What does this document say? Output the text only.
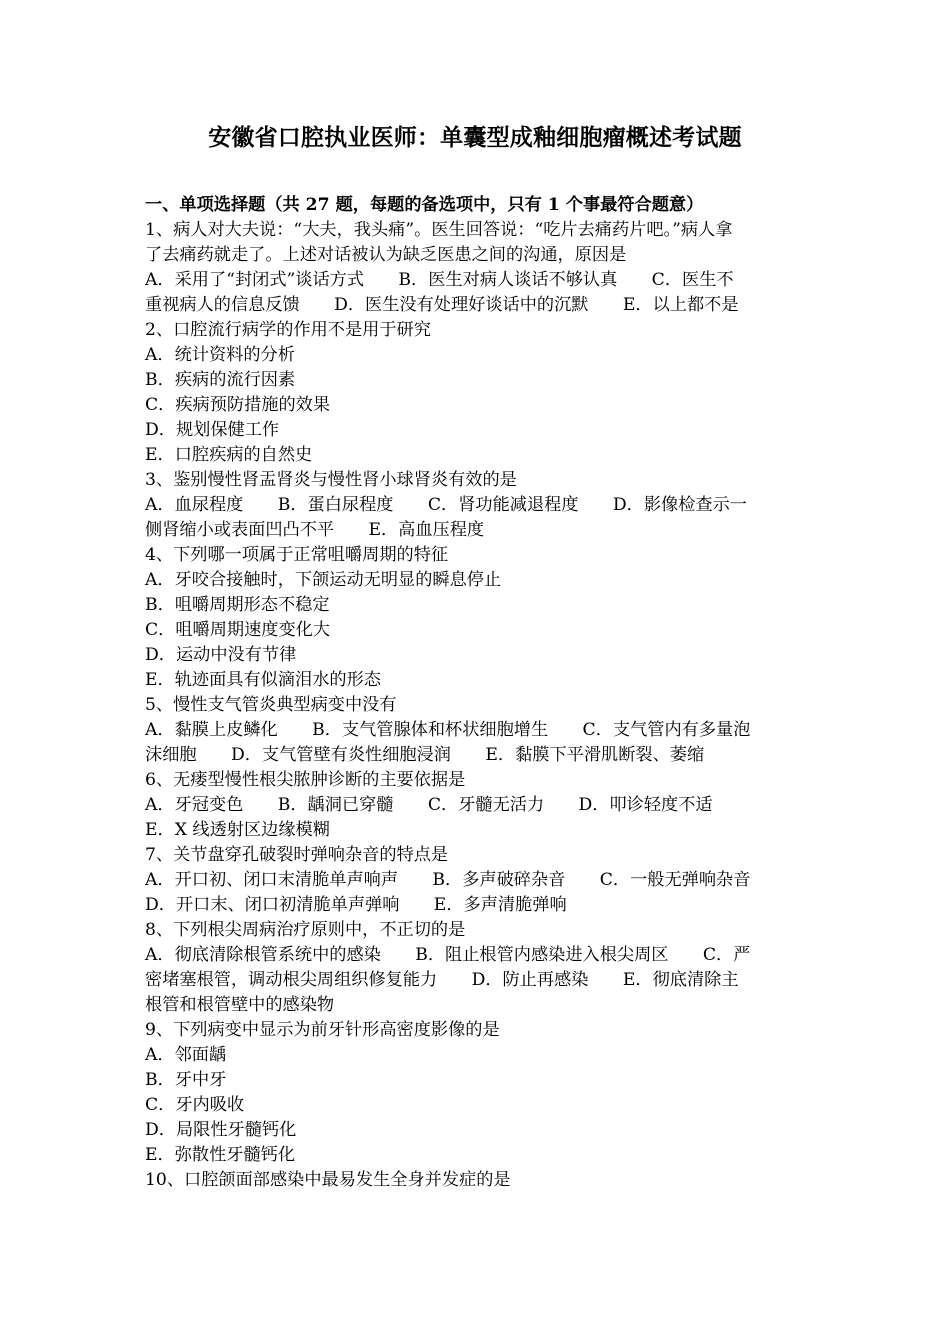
安徽省口腔执业医师：单囊型成釉细胞瘤概述考试题
一、单项选择题（共 27 题，每题的备选项中，只有 1 个事最符合题意）
1、病人对大夫说：“大夫，我头痛”。医生回答说：“吃片去痛药片吧。”病人拿
了去痛药就走了。上述对话被认为缺乏医患之间的沟通，原因是
A．采用了“封闭式”谈话方式　　B．医生对病人谈话不够认真　　C．医生不
重视病人的信息反馈　　D．医生没有处理好谈话中的沉默　　E．以上都不是
2、口腔流行病学的作用不是用于研究
A．统计资料的分析
B．疾病的流行因素
C．疾病预防措施的效果
D．规划保健工作
E．口腔疾病的自然史
3、鉴别慢性肾盂肾炎与慢性肾小球肾炎有效的是
A．血尿程度　　B．蛋白尿程度　　C．肾功能减退程度　　D．影像检查示一
侧肾缩小或表面凹凸不平　　E．高血压程度
4、下列哪一项属于正常咀嚼周期的特征
A．牙咬合接触时，下颌运动无明显的瞬息停止
B．咀嚼周期形态不稳定
C．咀嚼周期速度变化大
D．运动中没有节律
E．轨迹面具有似滴泪水的形态
5、慢性支气管炎典型病变中没有
A．黏膜上皮鳞化　　B．支气管腺体和杯状细胞增生　　C．支气管内有多量泡
沫细胞　　D．支气管壁有炎性细胞浸润　　E．黏膜下平滑肌断裂、萎缩
6、无瘘型慢性根尖脓肿诊断的主要依据是
A．牙冠变色　　B．龋洞已穿髓　　C．牙髓无活力　　D．叩诊轻度不适
E．X 线透射区边缘模糊
7、关节盘穿孔破裂时弹响杂音的特点是
A．开口初、闭口末清脆单声响声　　B．多声破碎杂音　　C．一般无弹响杂音
D．开口末、闭口初清脆单声弹响　　E．多声清脆弹响
8、下列根尖周病治疗原则中，不正切的是
A．彻底清除根管系统中的感染　　B．阻止根管内感染进入根尖周区　　C．严
密堵塞根管，调动根尖周组织修复能力　　D．防止再感染　　E．彻底清除主
根管和根管壁中的感染物
9、下列病变中显示为前牙针形高密度影像的是
A．邻面龋
B．牙中牙
C．牙内吸收
D．局限性牙髓钙化
E．弥散性牙髓钙化
10、口腔颌面部感染中最易发生全身并发症的是
